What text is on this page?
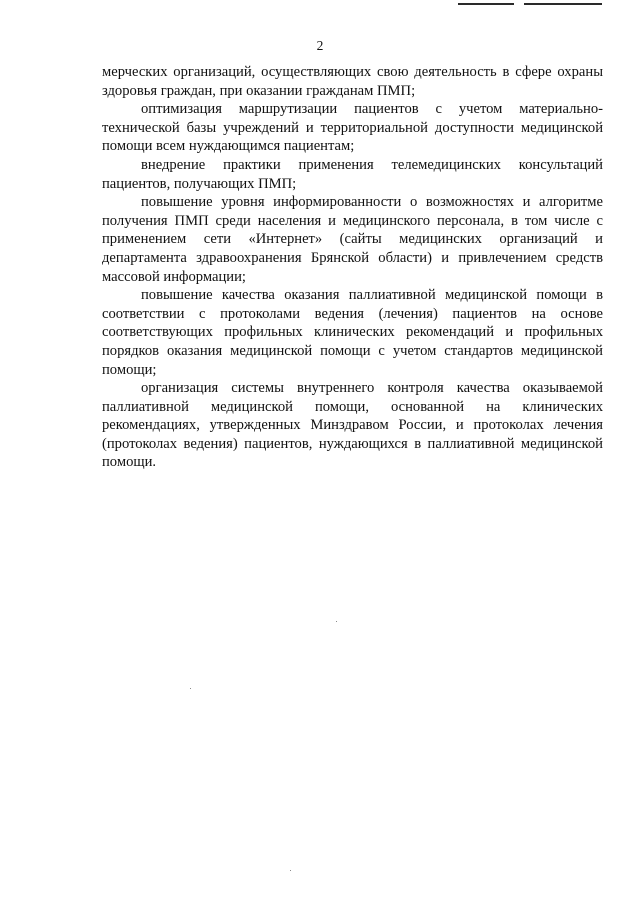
2

мерческих организаций, осуществляющих свою деятельность в сфере охраны здоровья граждан, при оказании гражданам ПМП;

оптимизация маршрутизации пациентов с учетом материально-технической базы учреждений и территориальной доступности медицинской помощи всем нуждающимся пациентам;

внедрение практики применения телемедицинских консультаций пациентов, получающих ПМП;

повышение уровня информированности о возможностях и алгоритме получения ПМП среди населения и медицинского персонала, в том числе с применением сети «Интернет» (сайты медицинских организаций и департамента здравоохранения Брянской области) и привлечением средств массовой информации;

повышение качества оказания паллиативной медицинской помощи в соответствии с протоколами ведения (лечения) пациентов на основе соответствующих профильных клинических рекомендаций и профильных порядков оказания медицинской помощи с учетом стандартов медицинской помощи;

организация системы внутреннего контроля качества оказываемой паллиативной медицинской помощи, основанной на клинических рекомендациях, утвержденных Минздравом России, и протоколах лечения (протоколах ведения) пациентов, нуждающихся в паллиативной медицинской помощи.
